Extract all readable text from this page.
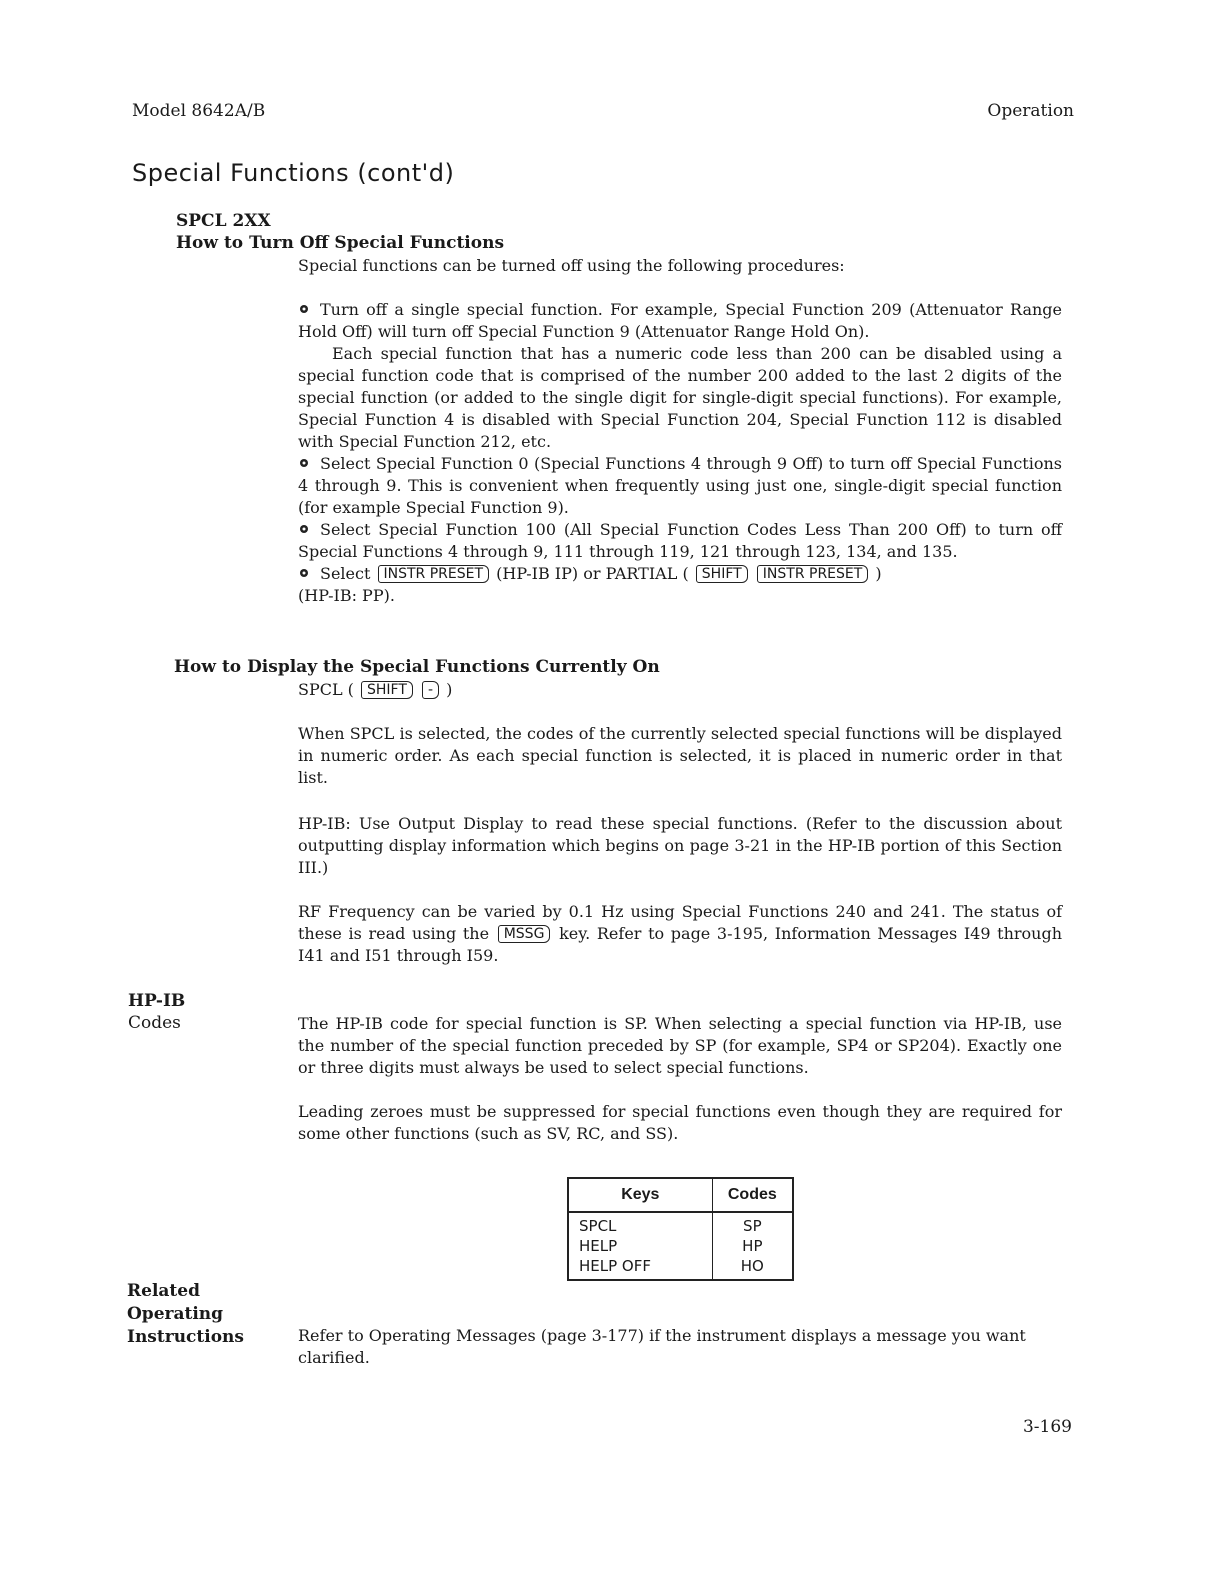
Model 8642A/B	Operation
Special Functions (cont'd)
SPCL 2XX
How to Turn Off Special Functions
Special functions can be turned off using the following procedures:
Turn off a single special function. For example, Special Function 209 (Attenuator Range Hold Off) will turn off Special Function 9 (Attenuator Range Hold On).
Each special function that has a numeric code less than 200 can be disabled using a special function code that is comprised of the number 200 added to the last 2 digits of the special function (or added to the single digit for single-digit special functions). For example, Special Function 4 is disabled with Special Function 204, Special Function 112 is disabled with Special Function 212, etc.
Select Special Function 0 (Special Functions 4 through 9 Off) to turn off Special Functions 4 through 9. This is convenient when frequently using just one, single-digit special function (for example Special Function 9).
Select Special Function 100 (All Special Function Codes Less Than 200 Off) to turn off Special Functions 4 through 9, 111 through 119, 121 through 123, 134, and 135.
Select INSTR PRESET (HP-IB IP) or PARTIAL ( SHIFT INSTR PRESET )
(HP-IB: PP).
How to Display the Special Functions Currently On
SPCL ( SHIFT - )
When SPCL is selected, the codes of the currently selected special functions will be displayed in numeric order. As each special function is selected, it is placed in numeric order in that list.
HP-IB: Use Output Display to read these special functions. (Refer to the discussion about outputting display information which begins on page 3-21 in the HP-IB portion of this Section III.)
RF Frequency can be varied by 0.1 Hz using Special Functions 240 and 241. The status of these is read using the MSSG key. Refer to page 3-195, Information Messages I49 through I41 and I51 through I59.
HP-IB
Codes	The HP-IB code for special function is SP. When selecting a special function via HP-IB, use the number of the special function preceded by SP (for example, SP4 or SP204). Exactly one or three digits must always be used to select special functions.
Leading zeroes must be suppressed for special functions even though they are required for some other functions (such as SV, RC, and SS).
Keys	Codes
SPCL	SP
HELP	HP
HELP OFF	HO
Related
Operating
Instructions	Refer to Operating Messages (page 3-177) if the instrument displays a message you want clarified.
3-169
